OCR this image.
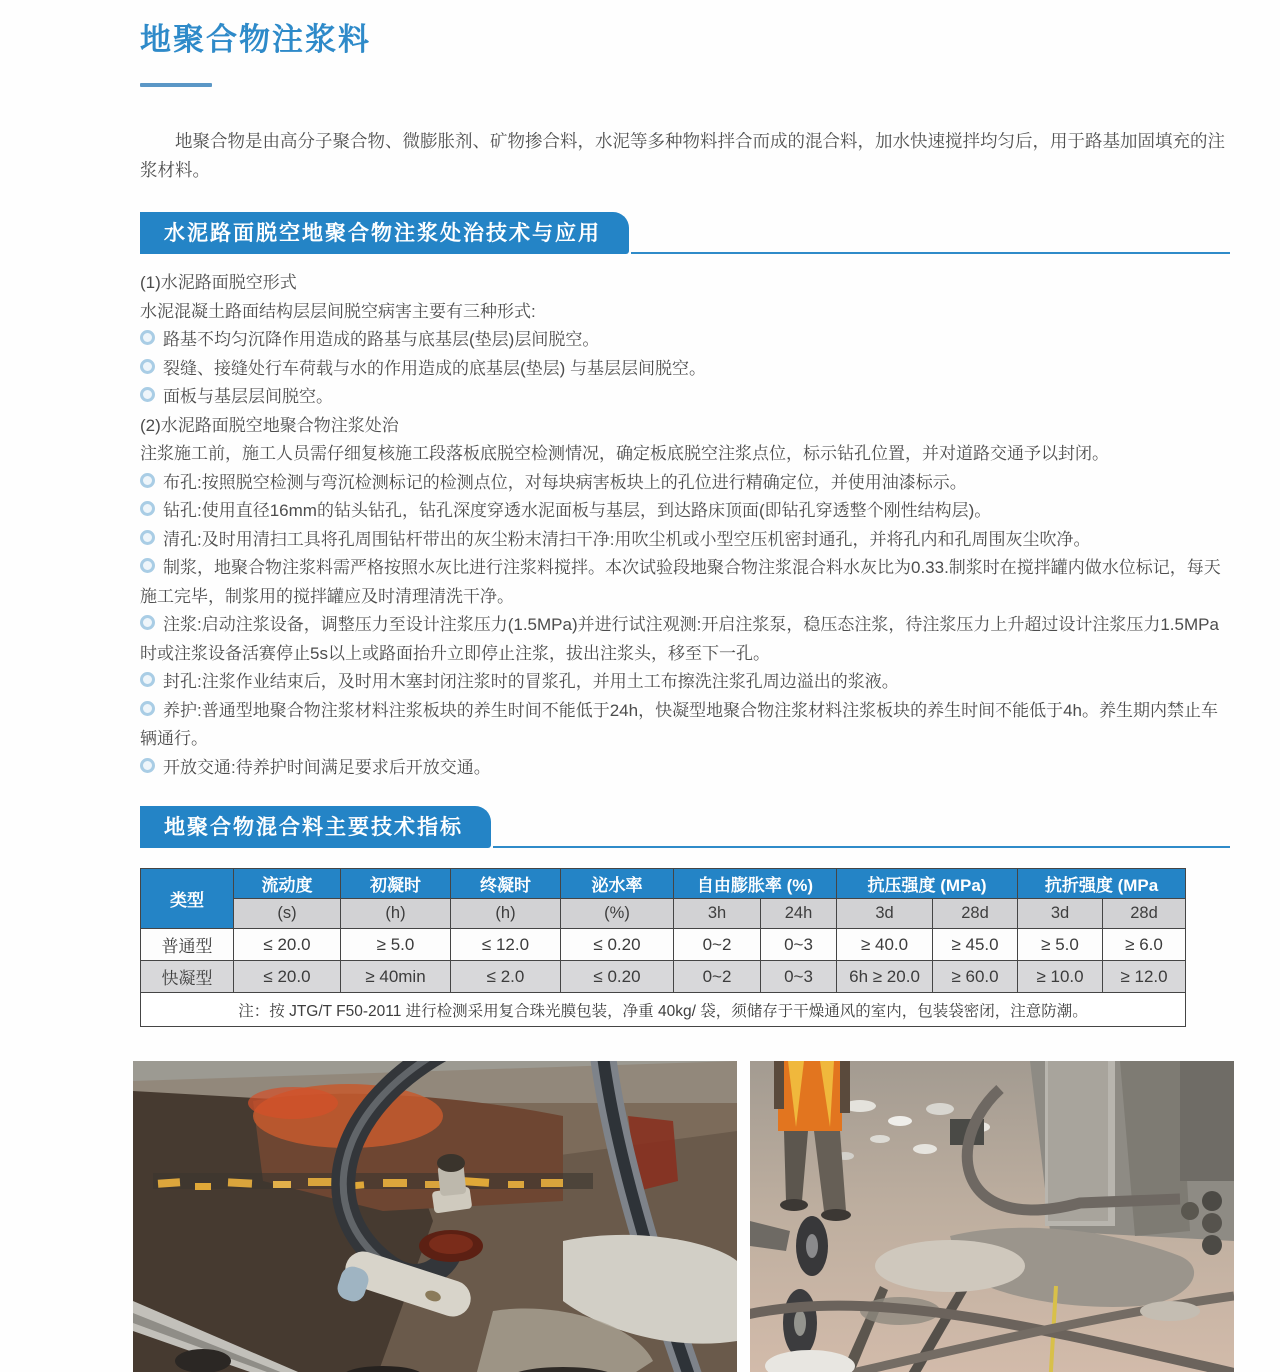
地聚合物注浆料

地聚合物是由高分子聚合物、微膨胀剂、矿物掺合料，水泥等多种物料拌合而成的混合料，加水快速搅拌均匀后，用于路基加固填充的注浆材料。

水泥路面脱空地聚合物注浆处治技术与应用

(1)水泥路面脱空形式

水泥混凝土路面结构层层间脱空病害主要有三种形式:

路基不均匀沉降作用造成的路基与底基层(垫层)层间脱空。

裂缝、接缝处行车荷载与水的作用造成的底基层(垫层) 与基层层间脱空。

面板与基层层间脱空。

(2)水泥路面脱空地聚合物注浆处治

注浆施工前，施工人员需仔细复核施工段落板底脱空检测情况，确定板底脱空注浆点位，标示钻孔位置，并对道路交通予以封闭。

布孔:按照脱空检测与弯沉检测标记的检测点位，对每块病害板块上的孔位进行精确定位，并使用油漆标示。

钻孔:使用直径16mm的钻头钻孔，钻孔深度穿透水泥面板与基层，到达路床顶面(即钻孔穿透整个刚性结构层)。

清孔:及时用清扫工具将孔周围钻杆带出的灰尘粉末清扫干净:用吹尘机或小型空压机密封通孔，并将孔内和孔周围灰尘吹净。

制浆，地聚合物注浆料需严格按照水灰比进行注浆料搅拌。本次试验段地聚合物注浆混合料水灰比为0.33.制浆时在搅拌罐内做水位标记，每天施工完毕，制浆用的搅拌罐应及时清理清洗干净。

注浆:启动注浆设备，调整压力至设计注浆压力(1.5MPa)并进行试注观测:开启注浆泵，稳压态注浆，待注浆压力上升超过设计注浆压力1.5MPa时或注浆设备活赛停止5s以上或路面抬升立即停止注浆，拔出注浆头，移至下一孔。

封孔:注浆作业结束后，及时用木塞封闭注浆时的冒浆孔，并用土工布擦洗注浆孔周边溢出的浆液。

养护:普通型地聚合物注浆材料注浆板块的养生时间不能低于24h，快凝型地聚合物注浆材料注浆板块的养生时间不能低于4h。养生期内禁止车辆通行。

开放交通:待养护时间满足要求后开放交通。

地聚合物混合料主要技术指标
类型	流动度	初凝时	终凝时	泌水率	自由膨胀率 (%)		抗压强度 (MPa)		抗折强度 (MPa	
	(s)	(h)	(h)	(%)	3h	24h	3d	28d	3d	28d
普通型	≤ 20.0	≥ 5.0	≤ 12.0	≤ 0.20	0~2	0~3	≥ 40.0	≥ 45.0	≥ 5.0	≥ 6.0
快凝型	≤ 20.0	≥ 40min	≤ 2.0	≤ 0.20	0~2	0~3	6h ≥ 20.0	≥ 60.0	≥ 10.0	≥ 12.0
注：按 JTG/T F50-2011 进行检测采用复合珠光膜包装，净重 40kg/ 袋，须储存于干燥通风的室内，包装袋密闭，注意防潮。										
